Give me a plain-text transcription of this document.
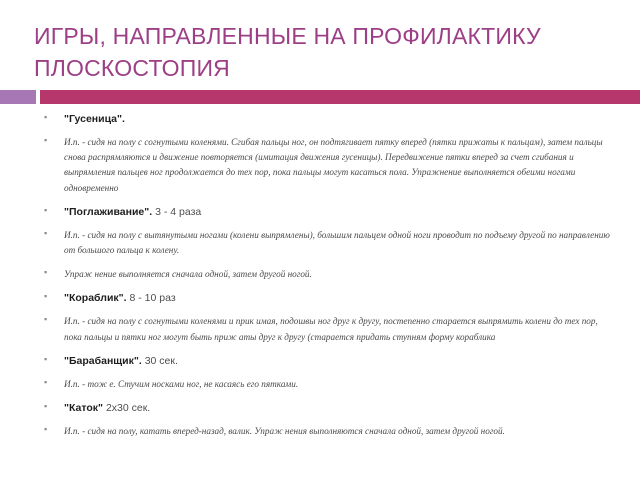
ИГРЫ, НАПРАВЛЕННЫЕ НА ПРОФИЛАКТИКУ ПЛОСКОСТОПИЯ
▪ "Гусеница".
▪ И.п. - сидя на полу с согнутыми коленями. Сгибая пальцы ног, он подтягивает пятку вперед (пятки прижаты к пальцам), затем пальцы снова распрямляются и движение повторяется (имитация движения гусеницы). Передвижение пятки вперед за счет сгибания и выпрямления пальцев ног продолжается до тех пор, пока пальцы могут касаться пола. Упражнение выполняется обеими ногами одновременно
▪ "Поглаживание". 3 - 4 раза
▪ И.п. - сидя на полу с вытянутыми ногами (колени выпрямлены), большим пальцем одной ноги проводит по подъему другой по направлению от большого пальца к колену.
▪ Упраж нение выполняется сначала одной, затем другой ногой.
▪ "Кораблик". 8 - 10 раз
▪ И.п. - сидя на полу с согнутыми коленями и прик имая, подошвы ног друг к другу, постепенно старается выпрямить колени до тех пор, пока пальцы и пятки ног могут быть приж аты друг к другу (старается придать ступням форму кораблика
▪ "Барабанщик". 30 сек.
▪ И.п. - тож е. Стучим носками ног, не касаясь его пятками.
▪ "Каток" 2х30 сек.
▪ И.п. - сидя на полу, катать вперед-назад, валик. Упраж нения выполняются сначала одной, затем другой ногой.
